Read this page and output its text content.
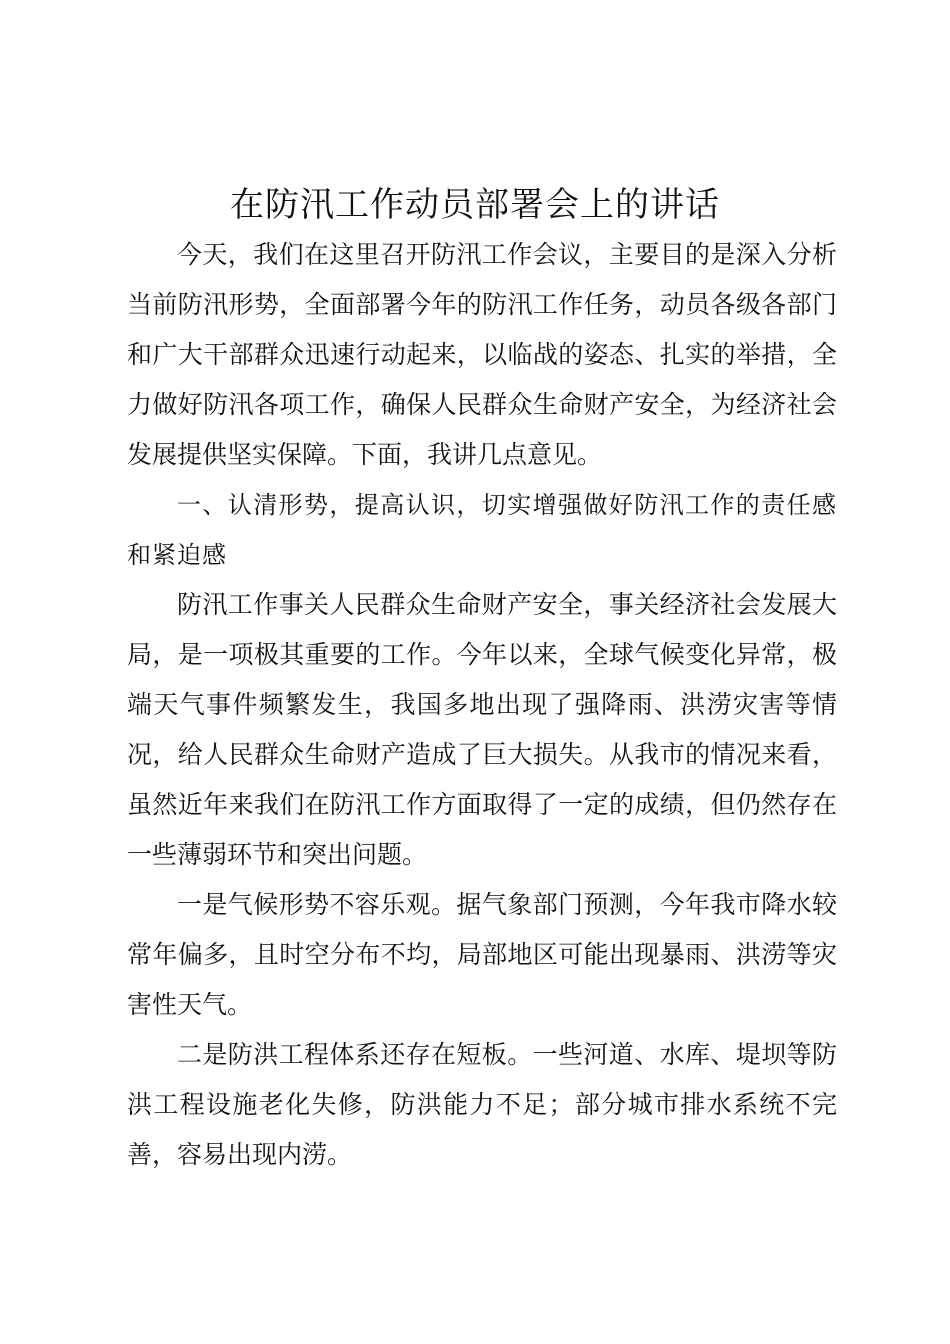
在防汛工作动员部署会上的讲话

今天，我们在这里召开防汛工作会议，主要目的是深入分析当前防汛形势，全面部署今年的防汛工作任务，动员各级各部门和广大干部群众迅速行动起来，以临战的姿态、扎实的举措，全力做好防汛各项工作，确保人民群众生命财产安全，为经济社会发展提供坚实保障。下面，我讲几点意见。

一、认清形势，提高认识，切实增强做好防汛工作的责任感和紧迫感

防汛工作事关人民群众生命财产安全，事关经济社会发展大局，是一项极其重要的工作。今年以来，全球气候变化异常，极端天气事件频繁发生，我国多地出现了强降雨、洪涝灾害等情况，给人民群众生命财产造成了巨大损失。从我市的情况来看，虽然近年来我们在防汛工作方面取得了一定的成绩，但仍然存在一些薄弱环节和突出问题。

一是气候形势不容乐观。据气象部门预测，今年我市降水较常年偏多，且时空分布不均，局部地区可能出现暴雨、洪涝等灾害性天气。

二是防洪工程体系还存在短板。一些河道、水库、堤坝等防洪工程设施老化失修，防洪能力不足；部分城市排水系统不完善，容易出现内涝。
